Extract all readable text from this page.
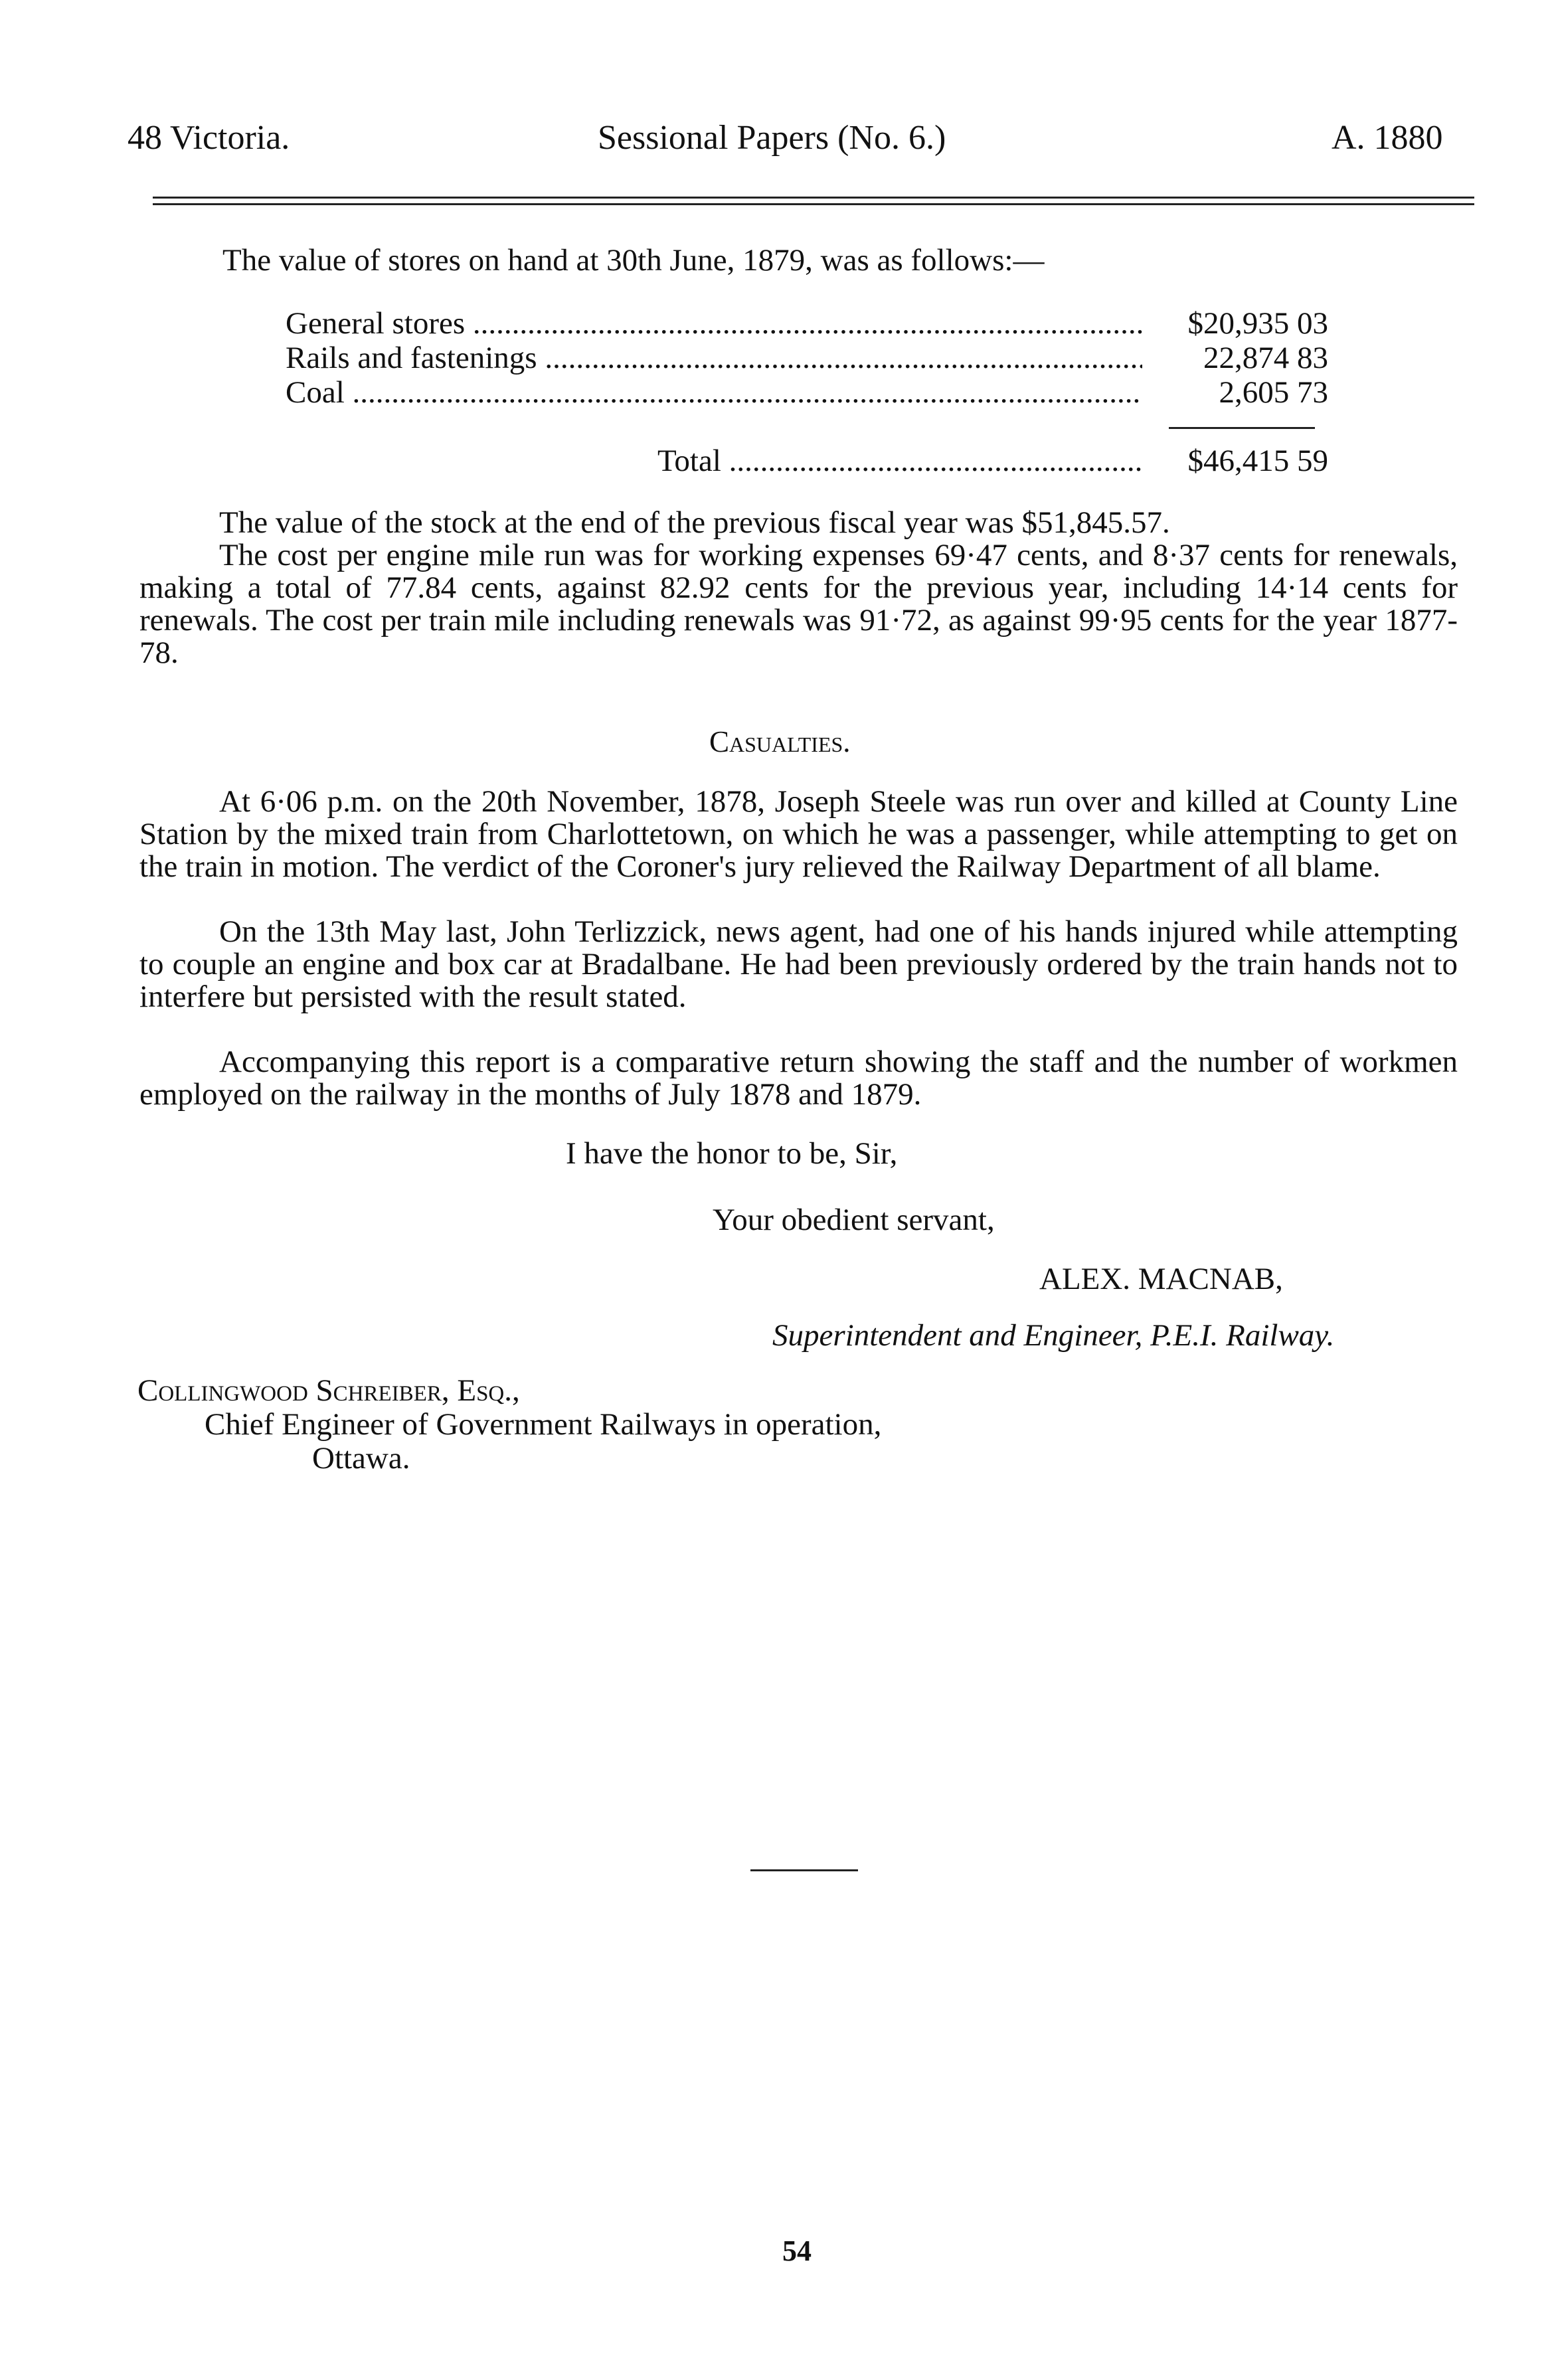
48 Victoria.	Sessional Papers (No. 6.)	A. 1880
The value of stores on hand at 30th June, 1879, was as follows:—
General stores .....	$20,935 03
Rails and fastenings .....	22,874 83
Coal .....	2,605 73
Total .....	$46,415 59
The value of the stock at the end of the previous fiscal year was $51,845.57.
The cost per engine mile run was for working expenses 69·47 cents, and 8·37 cents for renewals, making a total of 77.84 cents, against 82.92 cents for the previous year, including 14·14 cents for renewals. The cost per train mile including renewals was 91·72, as against 99·95 cents for the year 1877-78.
Casualties.
At 6·06 p.m. on the 20th November, 1878, Joseph Steele was run over and killed at County Line Station by the mixed train from Charlottetown, on which he was a passenger, while attempting to get on the train in motion. The verdict of the Coroner's jury relieved the Railway Department of all blame.
On the 13th May last, John Terlizzick, news agent, had one of his hands injured while attempting to couple an engine and box car at Bradalbane. He had been previously ordered by the train hands not to interfere but persisted with the result stated.
Accompanying this report is a comparative return showing the staff and the number of workmen employed on the railway in the months of July 1878 and 1879.
I have the honor to be, Sir,
Your obedient servant,
ALEX. MACNAB,
Superintendent and Engineer, P.E.I. Railway.
Collingwood Schreiber, Esq.,
Chief Engineer of Government Railways in operation,
Ottawa.
54
